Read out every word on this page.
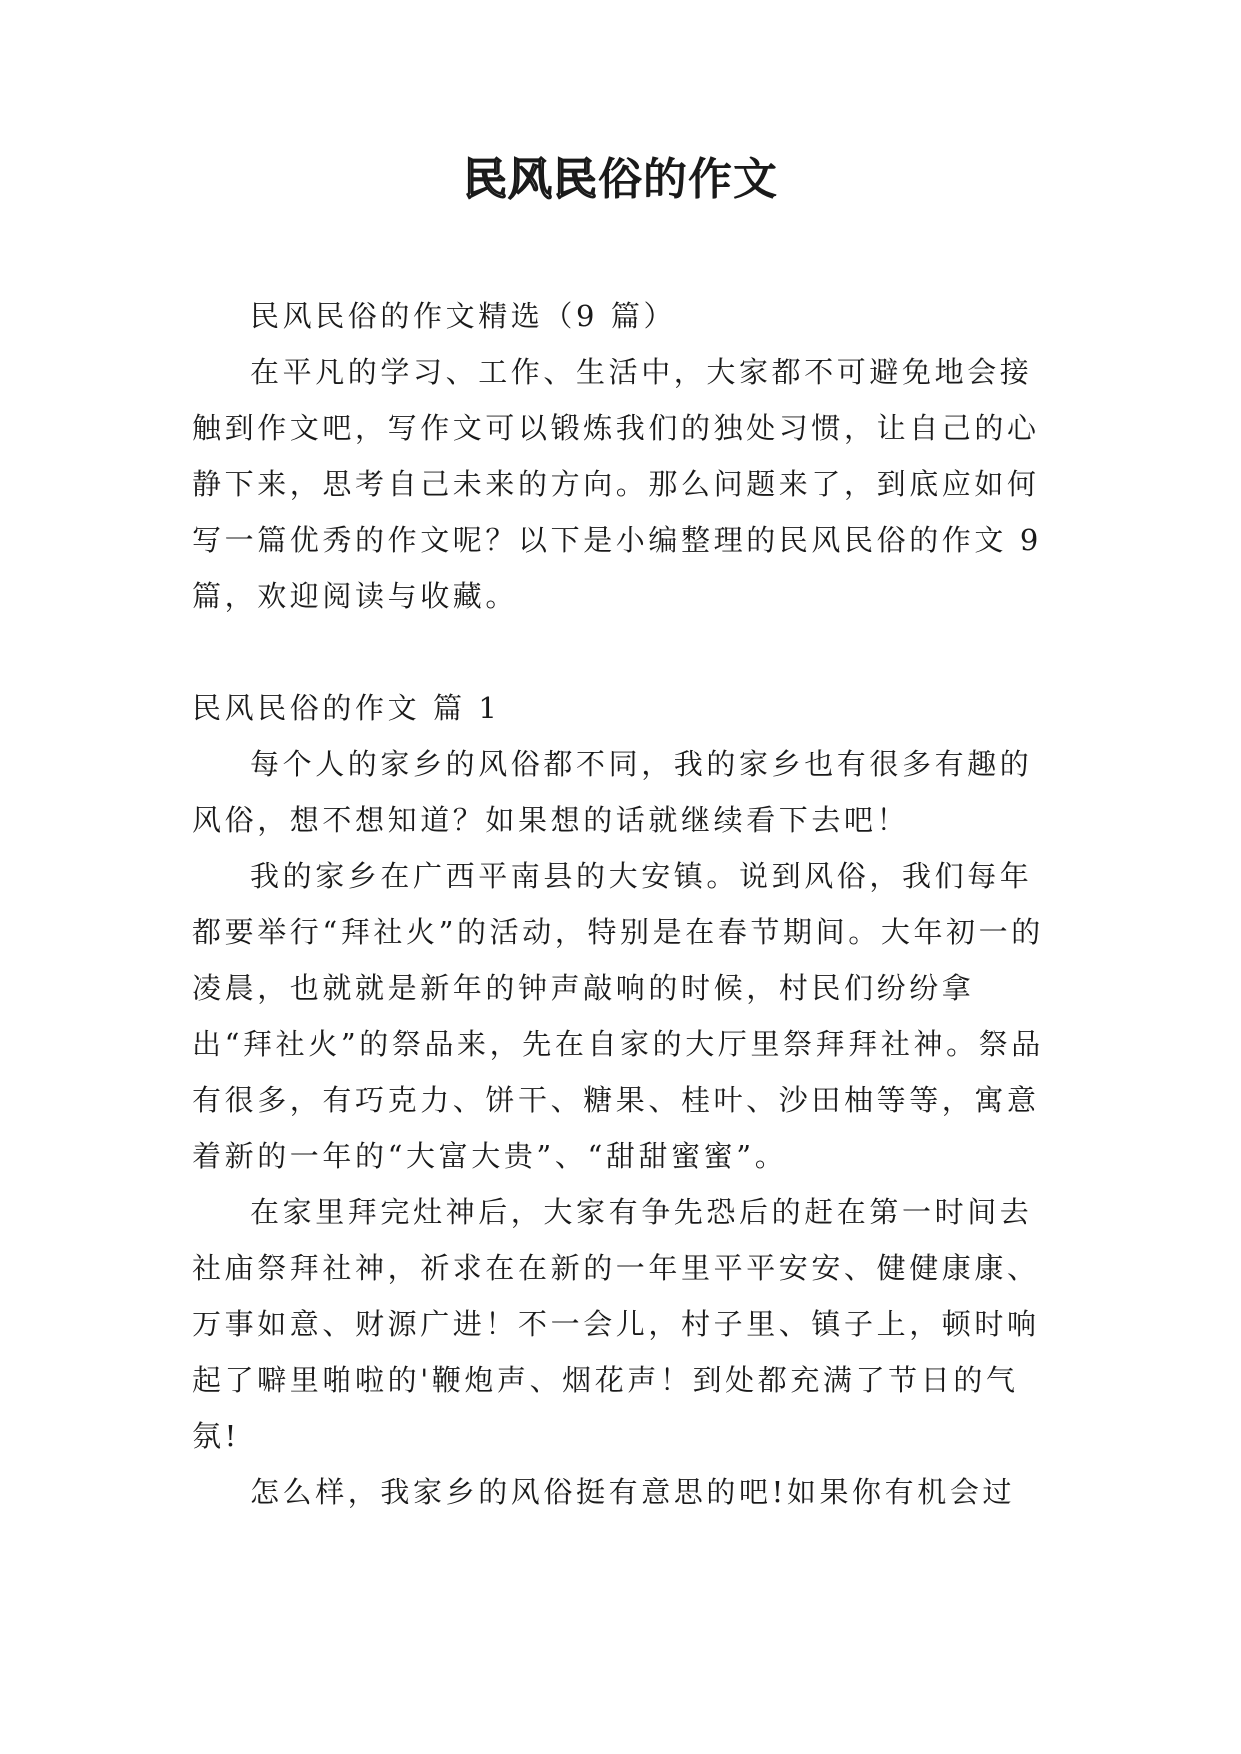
民风民俗的作文

民风民俗的作文精选（9 篇）

在平凡的学习、工作、生活中，大家都不可避免地会接触到作文吧，写作文可以锻炼我们的独处习惯，让自己的心静下来，思考自己未来的方向。那么问题来了，到底应如何写一篇优秀的作文呢？以下是小编整理的民风民俗的作文 9 篇，欢迎阅读与收藏。

民风民俗的作文 篇 1

每个人的家乡的风俗都不同，我的家乡也有很多有趣的风俗，想不想知道？如果想的话就继续看下去吧！

我的家乡在广西平南县的大安镇。说到风俗，我们每年都要举行“拜社火”的活动，特别是在春节期间。大年初一的凌晨，也就就是新年的钟声敲响的时候，村民们纷纷拿出“拜社火”的祭品来，先在自家的大厅里祭拜拜社神。祭品有很多，有巧克力、饼干、糖果、桂叶、沙田柚等等，寓意着新的一年的“大富大贵”、“甜甜蜜蜜”。

在家里拜完灶神后，大家有争先恐后的赶在第一时间去社庙祭拜社神，祈求在在新的一年里平平安安、健健康康、万事如意、财源广进！不一会儿，村子里、镇子上，顿时响起了噼里啪啦的'鞭炮声、烟花声！到处都充满了节日的气氛!

怎么样，我家乡的风俗挺有意思的吧!如果你有机会过
